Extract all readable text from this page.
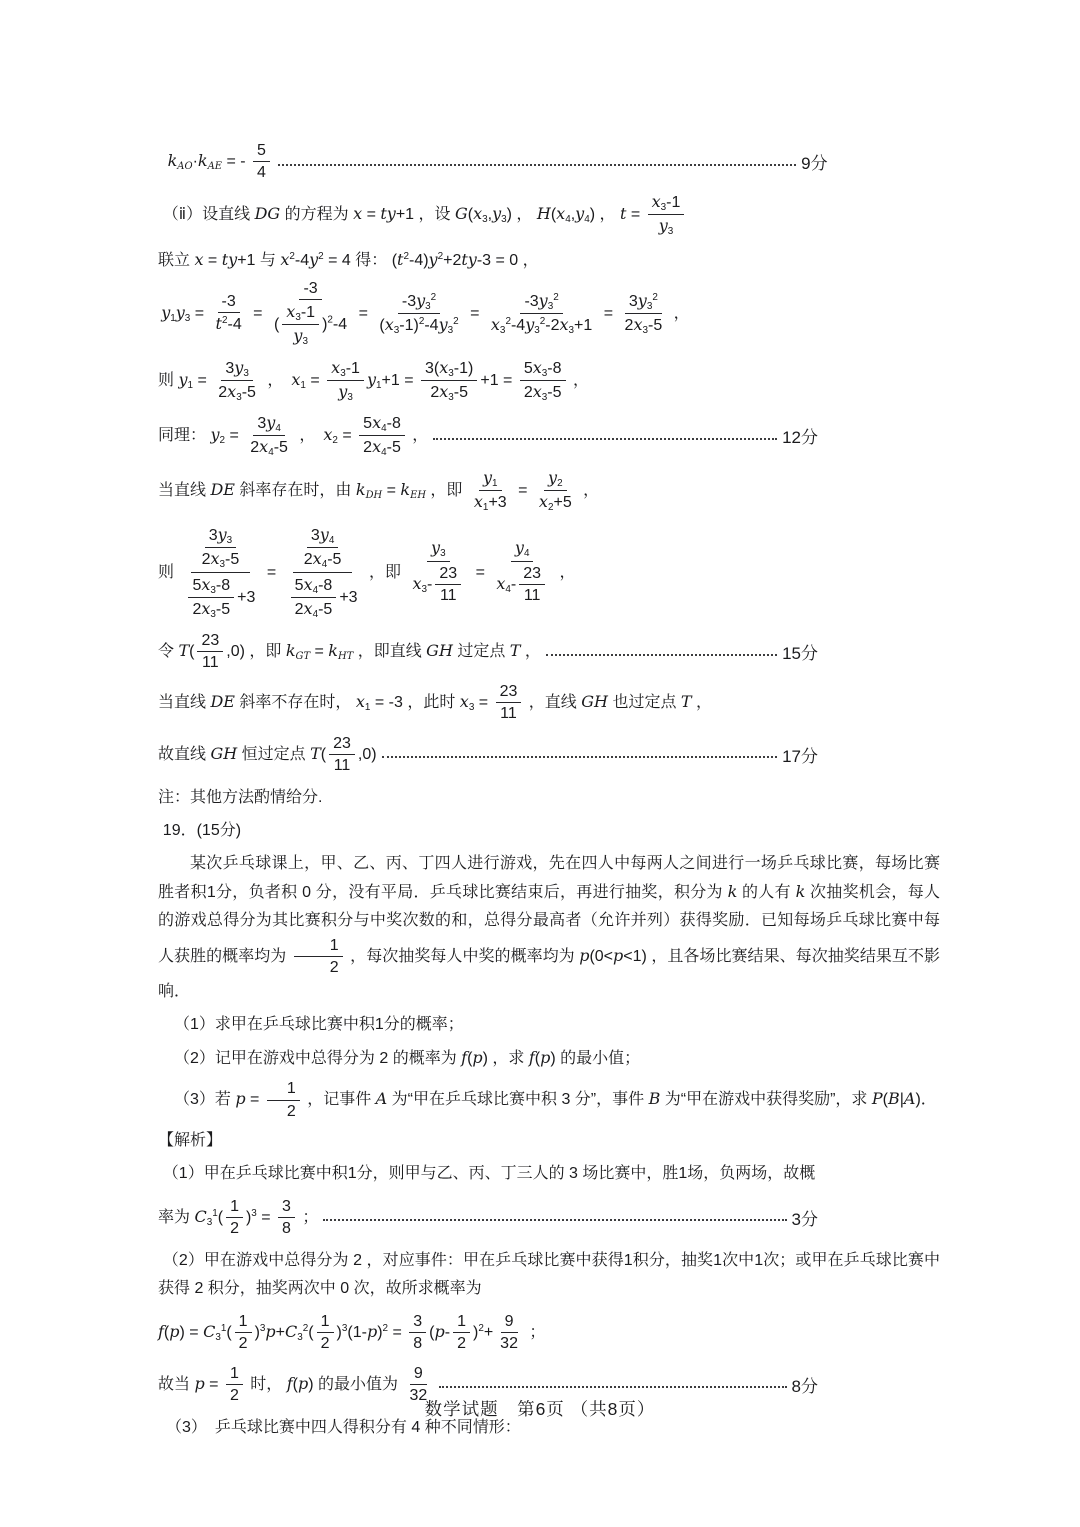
$k_{AO}\cdot k_{AE}$ = - $\frac{5}{4}$	9分
（ⅱ）设直线 DG 的方程为 x = ty+1 ，设 $G(x_3,y_3)$ ， $H(x_4,y_4)$ ， $t = \frac{x_3-1}{y_3}$
联立 x = ty+1 与 $x^2-4y^2 = 4$ 得： $(t^2-4)y^2+2ty-3 = 0$ ，
$y_1y_3 = \frac{-3}{t^2-4} = \frac{-3}{( \frac{x_3-1}{y_3} )^2-4} = \frac{-3y_3^2}{(x_3-1)^2-4y_3^2} = \frac{-3y_3^2}{x_3^2-4y_3^2-2x_3+1} = \frac{3y_3^2}{2x_3-5}$ ，
则 $y_1 = \frac{3y_3}{2x_3-5}$ ，　$x_1 = \frac{x_3-1}{y_3} y_1+1 = \frac{3(x_3-1)}{2x_3-5} +1 = \frac{5x_3-8}{2x_3-5}$ ，
同理： $y_2 = \frac{3y_4}{2x_4-5}$ ，　$x_2 = \frac{5x_4-8}{2x_4-5}$ ，	12分
当直线 DE 斜率存在时，由 $k_{DH} = k_{EH}$ ，即 $\frac{y_1}{x_1+3} = \frac{y_2}{x_2+5}$ ，
则 $\frac{\frac{3y_3}{2x_3-5}}{\frac{5x_3-8}{2x_3-5} +3} = \frac{\frac{3y_4}{2x_4-5}}{\frac{5x_4-8}{2x_4-5} +3}$ ，即 $\frac{y_3}{x_3- \frac{23}{11}} = \frac{y_4}{x_4- \frac{23}{11}}$ ，
令 $T( \frac{23}{11} ,0)$ ，即 $k_{GT} = k_{HT}$ ，即直线 GH 过定点 T ，	15分
当直线 DE 斜率不存在时， $x_1 = -3$ ，此时 $x_3 = \frac{23}{11}$ ，直线 GH 也过定点 T ，
故直线 GH 恒过定点 $T( \frac{23}{11} ,0)$	17分
注：其他方法酌情给分.
19．(15分)
某次乒乓球课上，甲、乙、丙、丁四人进行游戏，先在四人中每两人之间进行一场乒乓球比赛，每场比赛胜者积1分，负者积 0 分，没有平局．乒乓球比赛结束后，再进行抽奖，积分为 k 的人有 k 次抽奖机会，每人的游戏总得分为其比赛积分与中奖次数的和，总得分最高者（允许并列）获得奖励．已知每场乒乓球比赛中每人获胜的概率均为 $\frac{1}{2}$ ，每次抽奖每人中奖的概率均为 p(0<p<1) ，且各场比赛结果、每次抽奖结果互不影响．
（1）求甲在乒乓球比赛中积1分的概率；
（2）记甲在游戏中总得分为 2 的概率为 f(p) ，求 f(p) 的最小值；
（3）若 $p = \frac{1}{2}$ ，记事件 A 为“甲在乒乓球比赛中积 3 分”，事件 B 为“甲在游戏中获得奖励”，求 P(B|A)．
【解析】
（1）甲在乒乓球比赛中积1分，则甲与乙、丙、丁三人的 3 场比赛中，胜1场，负两场，故概
率为 $C_3^1( \frac{1}{2} )^3 = \frac{3}{8}$ ；	3分
（2）甲在游戏中总得分为 2 ，对应事件：甲在乒乓球比赛中获得1积分，抽奖1次中1次；或甲在乒乓球比赛中获得 2 积分，抽奖两次中 0 次，故所求概率为
$f(p) = C_3^1( \frac{1}{2} )^3p+C_3^2( \frac{1}{2} )^3(1-p)^2 = \frac{3}{8} (p- \frac{1}{2} )^2+ \frac{9}{32}$ ；
故当 $p = \frac{1}{2}$ 时， f(p) 的最小值为 $\frac{9}{32}$	8分
（3）　乒乓球比赛中四人得积分有 4 种不同情形：
数学试题　第6页 （共8页）
